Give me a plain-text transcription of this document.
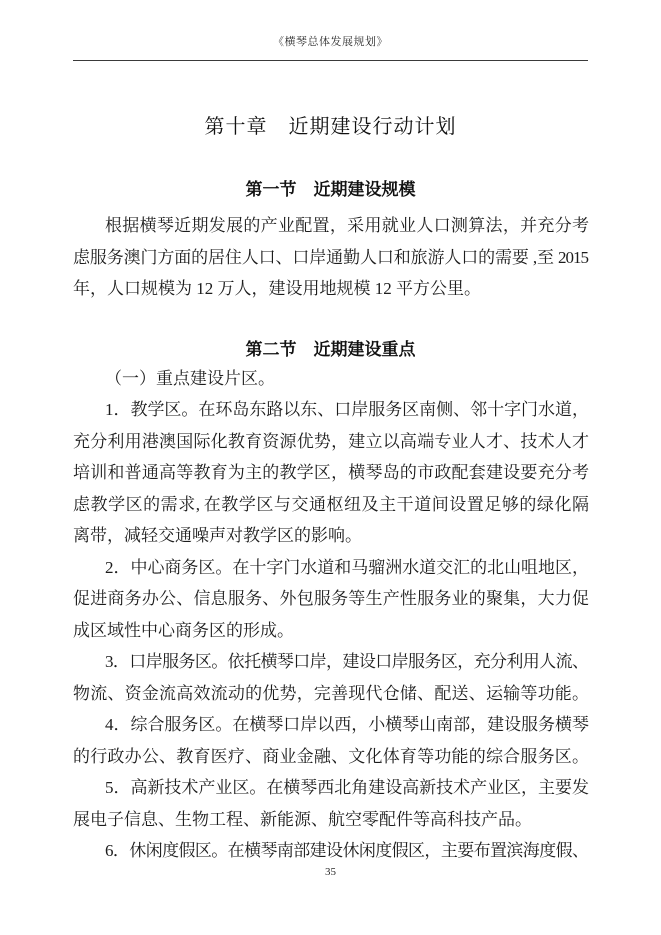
《横琴总体发展规划》
第十章　近期建设行动计划
第一节　近期建设规模
根据横琴近期发展的产业配置，采用就业人口测算法，并充分考
虑服务澳门方面的居住人口、口岸通勤人口和旅游人口的需要 ,至 2015
年，人口规模为 12 万人，建设用地规模 12 平方公里。
第二节　近期建设重点
（一）重点建设片区。
1．教学区。在环岛东路以东、口岸服务区南侧、邻十字门水道，
充分利用港澳国际化教育资源优势，建立以高端专业人才、技术人才
培训和普通高等教育为主的教学区，横琴岛的市政配套建设要充分考
虑教学区的需求, 在教学区与交通枢纽及主干道间设置足够的绿化隔
离带，减轻交通噪声对教学区的影响。
2．中心商务区。在十字门水道和马骝洲水道交汇的北山咀地区，
促进商务办公、信息服务、外包服务等生产性服务业的聚集，大力促
成区域性中心商务区的形成。
3．口岸服务区。依托横琴口岸，建设口岸服务区，充分利用人流、
物流、资金流高效流动的优势，完善现代仓储、配送、运输等功能。
4．综合服务区。在横琴口岸以西，小横琴山南部，建设服务横琴
的行政办公、教育医疗、商业金融、文化体育等功能的综合服务区。
5．高新技术产业区。在横琴西北角建设高新技术产业区，主要发
展电子信息、生物工程、新能源、航空零配件等高科技产品。
6．休闲度假区。在横琴南部建设休闲度假区，主要布置滨海度假、
35
